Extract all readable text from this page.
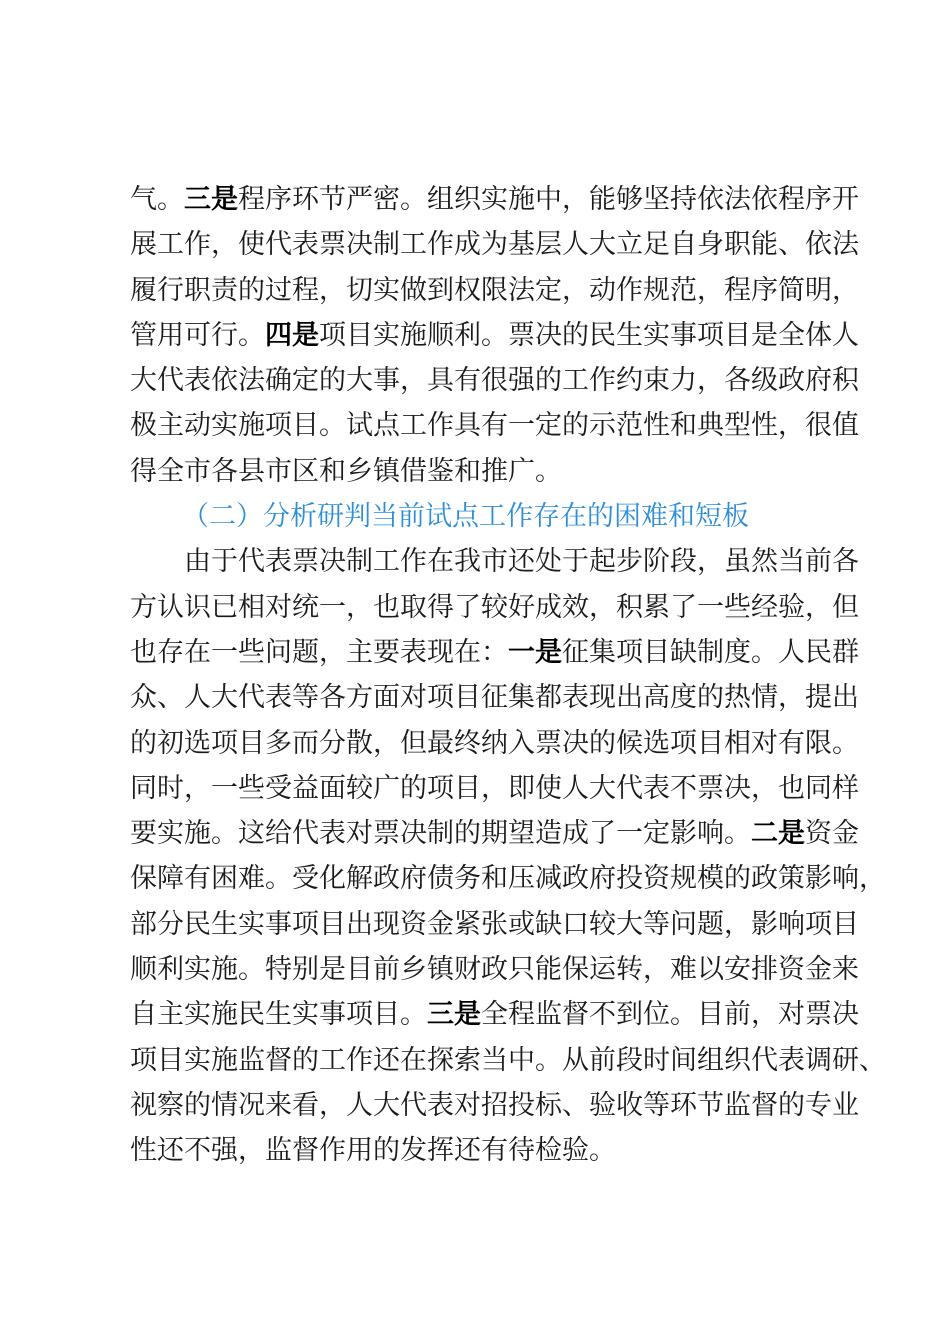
气。三是程序环节严密。组织实施中，能够坚持依法依程序开
展工作，使代表票决制工作成为基层人大立足自身职能、依法
履行职责的过程，切实做到权限法定，动作规范，程序简明，
管用可行。四是项目实施顺利。票决的民生实事项目是全体人
大代表依法确定的大事，具有很强的工作约束力，各级政府积
极主动实施项目。试点工作具有一定的示范性和典型性，很值
得全市各县市区和乡镇借鉴和推广。
（二）分析研判当前试点工作存在的困难和短板
由于代表票决制工作在我市还处于起步阶段，虽然当前各
方认识已相对统一，也取得了较好成效，积累了一些经验，但
也存在一些问题，主要表现在：一是征集项目缺制度。人民群
众、人大代表等各方面对项目征集都表现出高度的热情，提出
的初选项目多而分散，但最终纳入票决的候选项目相对有限。
同时，一些受益面较广的项目，即使人大代表不票决，也同样
要实施。这给代表对票决制的期望造成了一定影响。二是资金
保障有困难。受化解政府债务和压减政府投资规模的政策影响，
部分民生实事项目出现资金紧张或缺口较大等问题，影响项目
顺利实施。特别是目前乡镇财政只能保运转，难以安排资金来
自主实施民生实事项目。三是全程监督不到位。目前，对票决
项目实施监督的工作还在探索当中。从前段时间组织代表调研、
视察的情况来看，人大代表对招投标、验收等环节监督的专业
性还不强，监督作用的发挥还有待检验。
